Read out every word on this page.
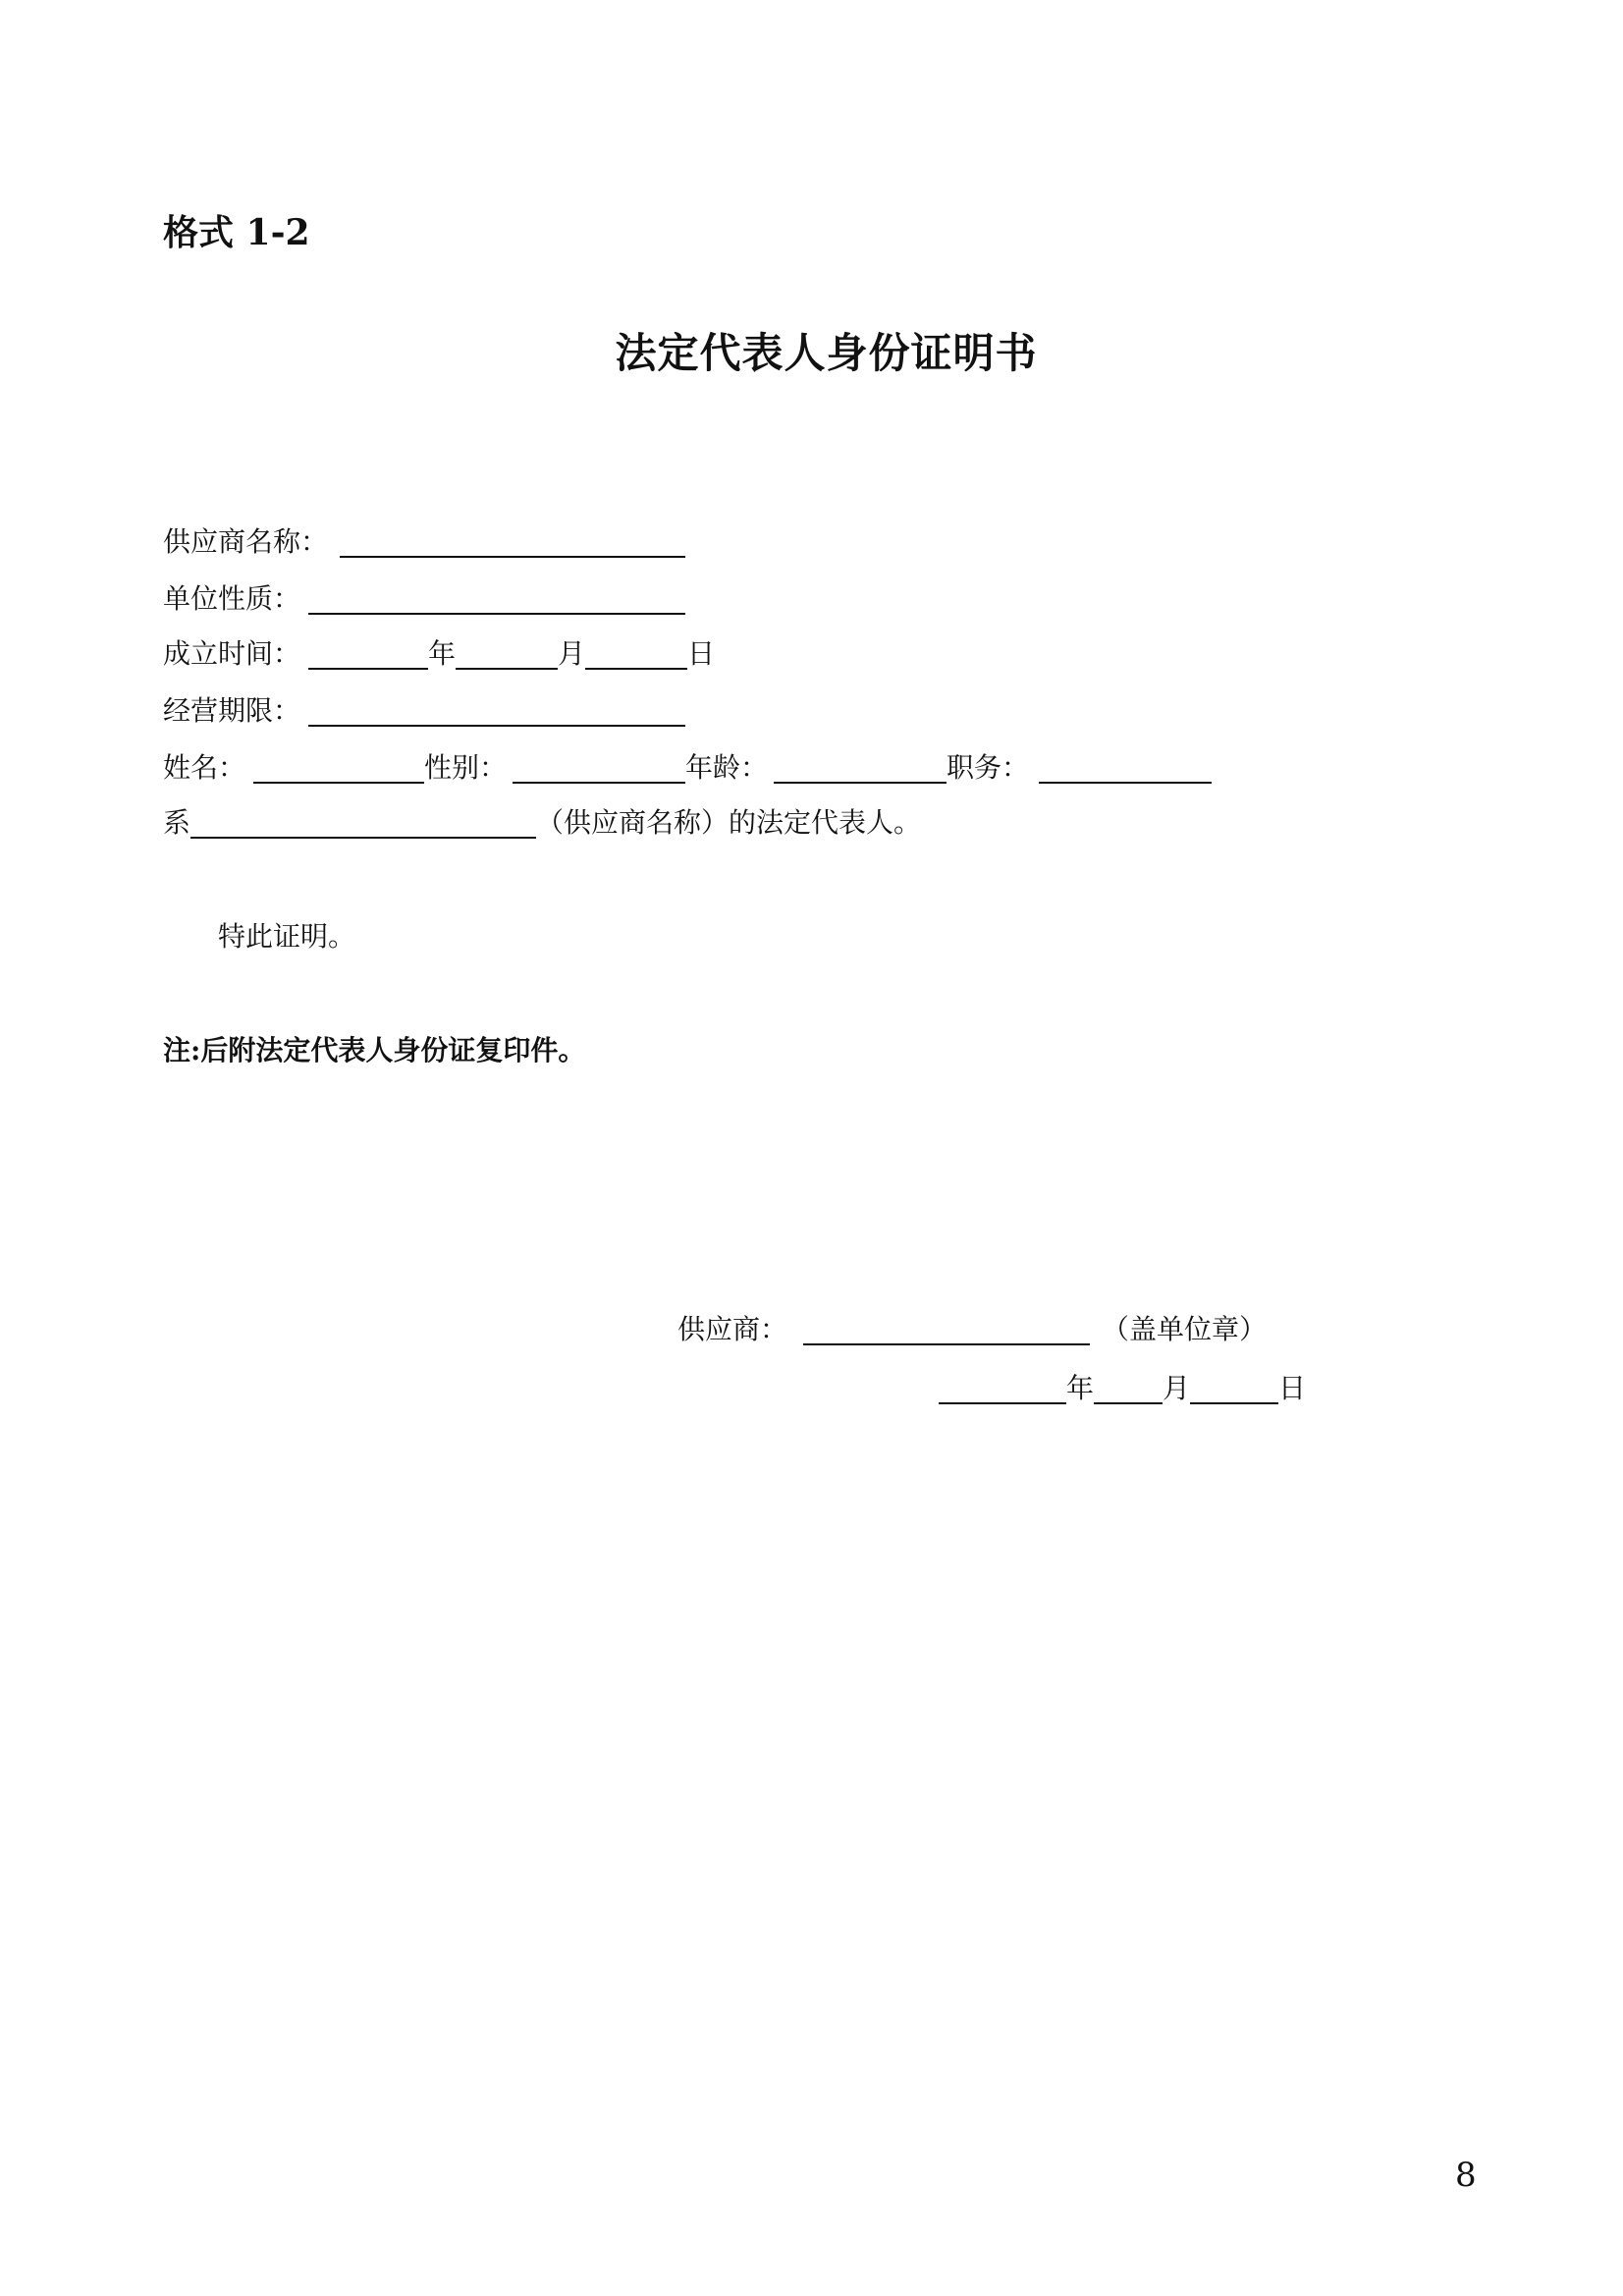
格式 1-2
法定代表人身份证明书
供应商名称：
单位性质：
成立时间：	年	月	日
经营期限：
姓名：	性别：	年龄：	职务：
系	（供应商名称）的法定代表人。
特此证明。
注:后附法定代表人身份证复印件。
供应商：	（盖单位章）
年	月	日
8
